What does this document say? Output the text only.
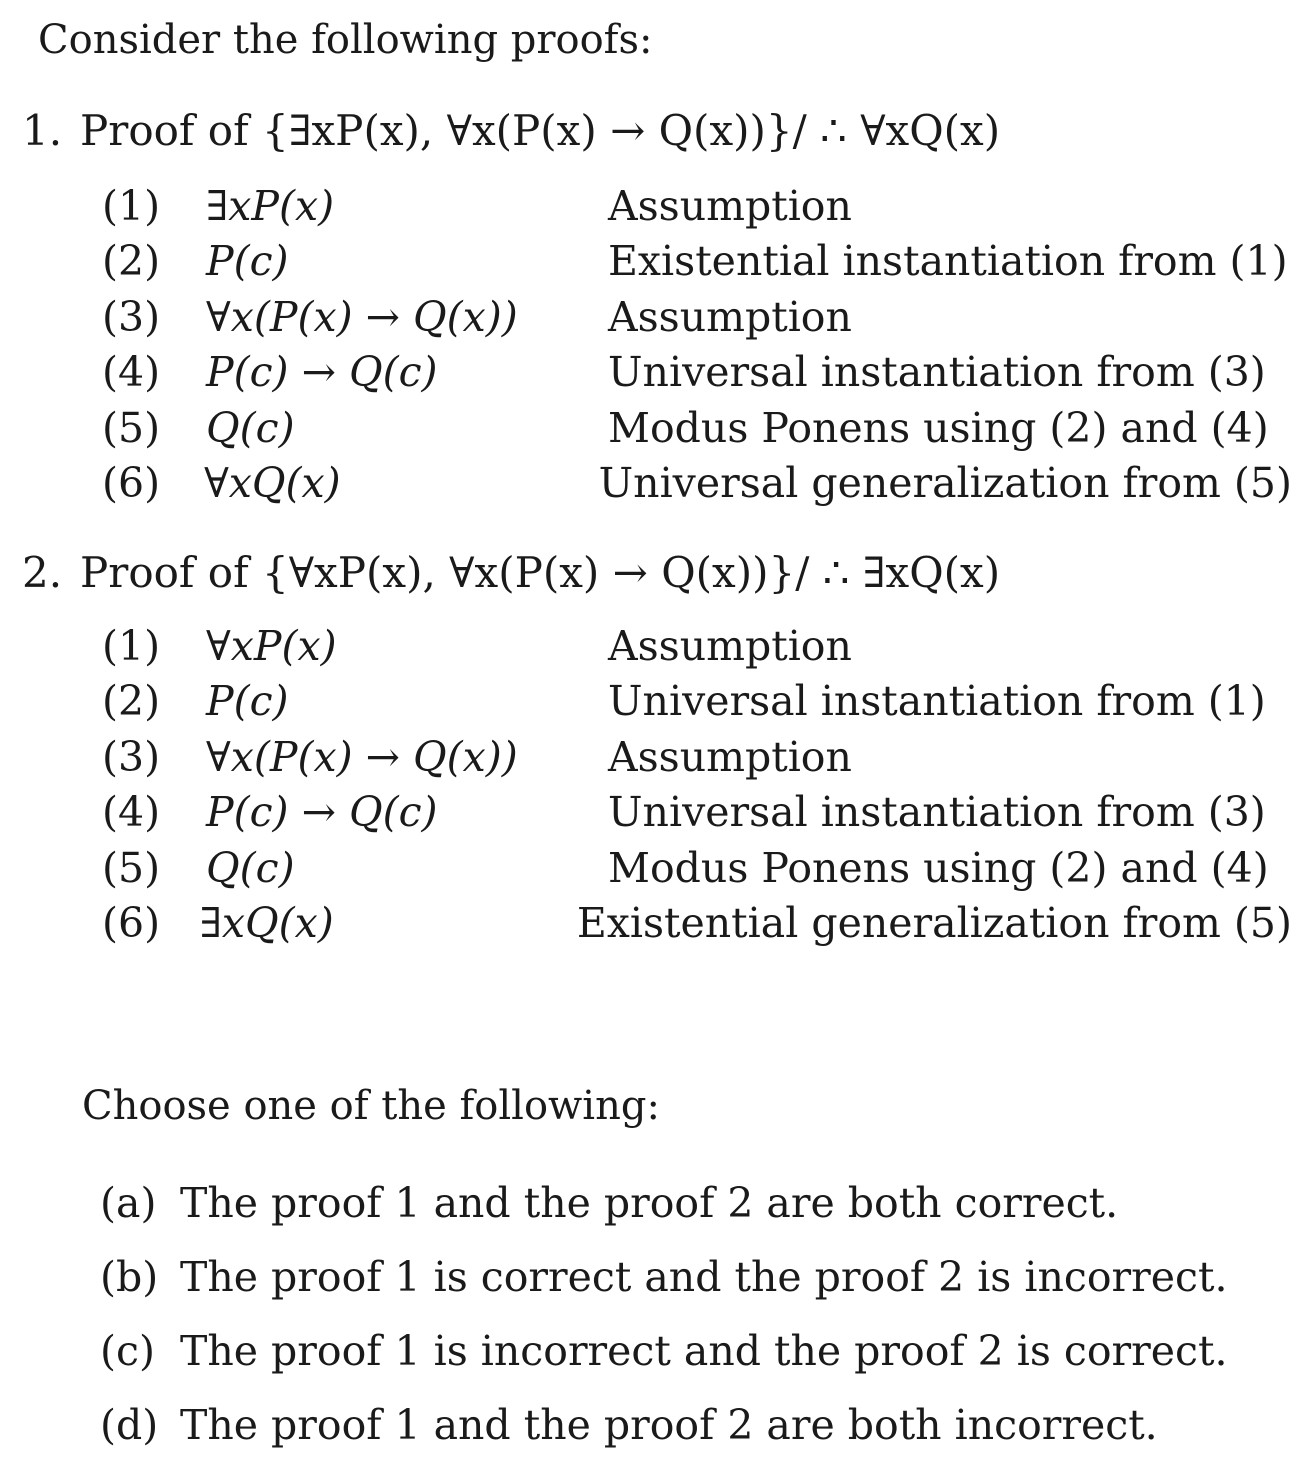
Consider the following proofs:
1. Proof of {∃xP(x), ∀x(P(x) → Q(x))}/ ∴ ∀xQ(x)
(1)	∃xP(x)	Assumption
(2)	P(c)	Existential instantiation from (1)
(3)	∀x(P(x) → Q(x))	Assumption
(4)	P(c) → Q(c)	Universal instantiation from (3)
(5)	Q(c)	Modus Ponens using (2) and (4)
(6)	∀xQ(x)	Universal generalization from (5)
2. Proof of {∀xP(x), ∀x(P(x) → Q(x))}/ ∴ ∃xQ(x)
(1)	∀xP(x)	Assumption
(2)	P(c)	Universal instantiation from (1)
(3)	∀x(P(x) → Q(x))	Assumption
(4)	P(c) → Q(c)	Universal instantiation from (3)
(5)	Q(c)	Modus Ponens using (2) and (4)
(6) ∃xQ(x)	Existential generalization from (5)
Choose one of the following:
(a) The proof 1 and the proof 2 are both correct.
(b) The proof 1 is correct and the proof 2 is incorrect.
(c) The proof 1 is incorrect and the proof 2 is correct.
(d) The proof 1 and the proof 2 are both incorrect.
